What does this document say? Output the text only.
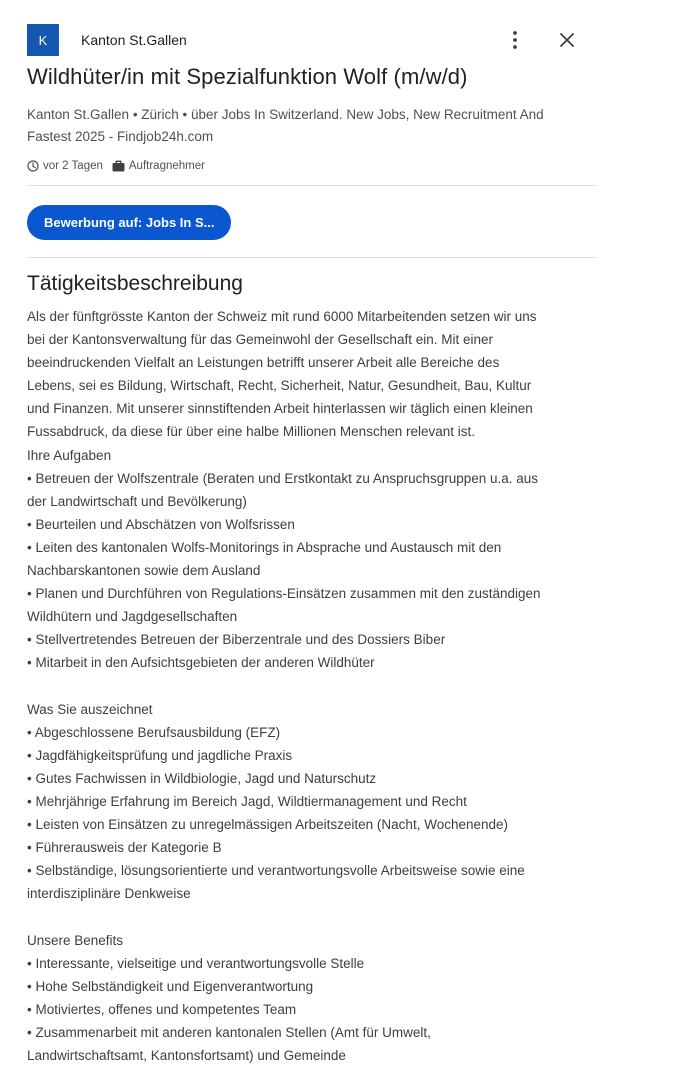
K	Kanton St.Gallen
Wildhüter/in mit Spezialfunktion Wolf (m/w/d)
Kanton St.Gallen • Zürich • über Jobs In Switzerland. New Jobs, New Recruitment And
Fastest 2025 - Findjob24h.com
vor 2 Tagen Auftragnehmer
Bewerbung auf: Jobs In S...
Tätigkeitsbeschreibung
Als der fünftgrösste Kanton der Schweiz mit rund 6000 Mitarbeitenden setzen wir uns
bei der Kantonsverwaltung für das Gemeinwohl der Gesellschaft ein. Mit einer
beeindruckenden Vielfalt an Leistungen betrifft unserer Arbeit alle Bereiche des
Lebens, sei es Bildung, Wirtschaft, Recht, Sicherheit, Natur, Gesundheit, Bau, Kultur
und Finanzen. Mit unserer sinnstiftenden Arbeit hinterlassen wir täglich einen kleinen
Fussabdruck, da diese für über eine halbe Millionen Menschen relevant ist.
Ihre Aufgaben
• Betreuen der Wolfszentrale (Beraten und Erstkontakt zu Anspruchsgruppen u.a. aus
der Landwirtschaft und Bevölkerung)
• Beurteilen und Abschätzen von Wolfsrissen
• Leiten des kantonalen Wolfs-Monitorings in Absprache und Austausch mit den
Nachbarskantonen sowie dem Ausland
• Planen und Durchführen von Regulations-Einsätzen zusammen mit den zuständigen
Wildhütern und Jagdgesellschaften
• Stellvertretendes Betreuen der Biberzentrale und des Dossiers Biber
• Mitarbeit in den Aufsichtsgebieten der anderen Wildhüter
Was Sie auszeichnet
• Abgeschlossene Berufsausbildung (EFZ)
• Jagdfähigkeitsprüfung und jagdliche Praxis
• Gutes Fachwissen in Wildbiologie, Jagd und Naturschutz
• Mehrjährige Erfahrung im Bereich Jagd, Wildtiermanagement und Recht
• Leisten von Einsätzen zu unregelmässigen Arbeitszeiten (Nacht, Wochenende)
• Führerausweis der Kategorie B
• Selbständige, lösungsorientierte und verantwortungsvolle Arbeitsweise sowie eine
interdisziplinäre Denkweise
Unsere Benefits
• Interessante, vielseitige und verantwortungsvolle Stelle
• Hohe Selbständigkeit und Eigenverantwortung
• Motiviertes, offenes und kompetentes Team
• Zusammenarbeit mit anderen kantonalen Stellen (Amt für Umwelt,
Landwirtschaftsamt, Kantonsfortsamt) und Gemeinde
